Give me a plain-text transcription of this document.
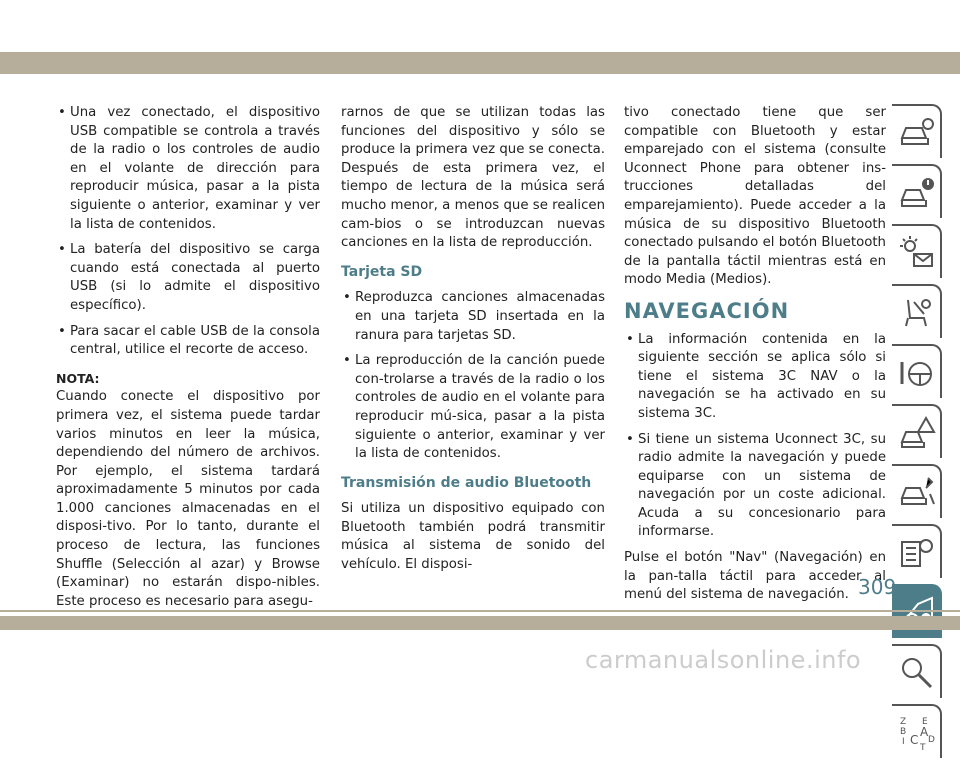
• Una vez conectado, el dispositivo USB compatible se controla a través de la radio o los controles de audio en el volante de dirección para reproducir música, pasar a la pista siguiente o anterior, examinar y ver la lista de contenidos.
• La batería del dispositivo se carga cuando está conectada al puerto USB (si lo admite el dispositivo específico).
• Para sacar el cable USB de la consola central, utilice el recorte de acceso.
NOTA:

Cuando conecte el dispositivo por primera vez, el sistema puede tardar varios minutos en leer la música, dependiendo del número de archivos. Por ejemplo, el sistema tardará aproximadamente 5 minutos por cada 1.000 canciones almacenadas en el disposi-tivo. Por lo tanto, durante el proceso de lectura, las funciones Shuffle (Selección al azar) y Browse (Examinar) no estarán dispo-nibles. Este proceso es necesario para asegu-

rarnos de que se utilizan todas las funciones del dispositivo y sólo se produce la primera vez que se conecta. Después de esta primera vez, el tiempo de lectura de la música será mucho menor, a menos que se realicen cam-bios o se introduzcan nuevas canciones en la lista de reproducción.

Tarjeta SD
• Reproduzca canciones almacenadas en una tarjeta SD insertada en la ranura para tarjetas SD.
• La reproducción de la canción puede con-trolarse a través de la radio o los controles de audio en el volante para reproducir mú-sica, pasar a la pista siguiente o anterior, examinar y ver la lista de contenidos.
Transmisión de audio Bluetooth

Si utiliza un dispositivo equipado con Bluetooth también podrá transmitir música al sistema de sonido del vehículo. El disposi-

tivo conectado tiene que ser compatible con Bluetooth y estar emparejado con el sistema (consulte Uconnect Phone para obtener ins-trucciones detalladas del emparejamiento). Puede acceder a la música de su dispositivo Bluetooth conectado pulsando el botón Bluetooth de la pantalla táctil mientras está en modo Media (Medios).

NAVEGACIÓN
• La información contenida en la siguiente sección se aplica sólo si tiene el sistema 3C NAV o la navegación se ha activado en su sistema 3C.
• Si tiene un sistema Uconnect 3C, su radio admite la navegación y puede equiparse con un sistema de navegación por un coste adicional. Acuda a su concesionario para informarse.

Pulse el botón "Nav" (Navegación) en la pan-talla táctil para acceder al menú del sistema de navegación.

Z E
B A
D
I C
T
309
carmanualsonline.info
